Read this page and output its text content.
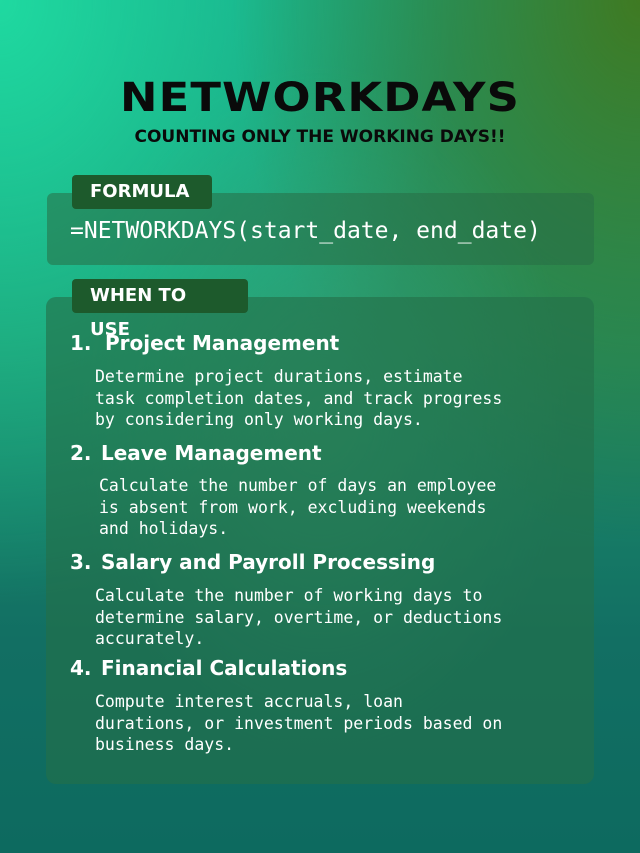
NETWORKDAYS
COUNTING ONLY THE WORKING DAYS!!
FORMULA
=NETWORKDAYS(start_date, end_date)
WHEN TO USE
1. Project Management
Determine project durations, estimate
task completion dates, and track progress
by considering only working days.
2. Leave Management
Calculate the number of days an employee
is absent from work, excluding weekends
and holidays.
3. Salary and Payroll Processing
Calculate the number of working days to
determine salary, overtime, or deductions
accurately.
4. Financial Calculations
Compute interest accruals, loan
durations, or investment periods based on
business days.
